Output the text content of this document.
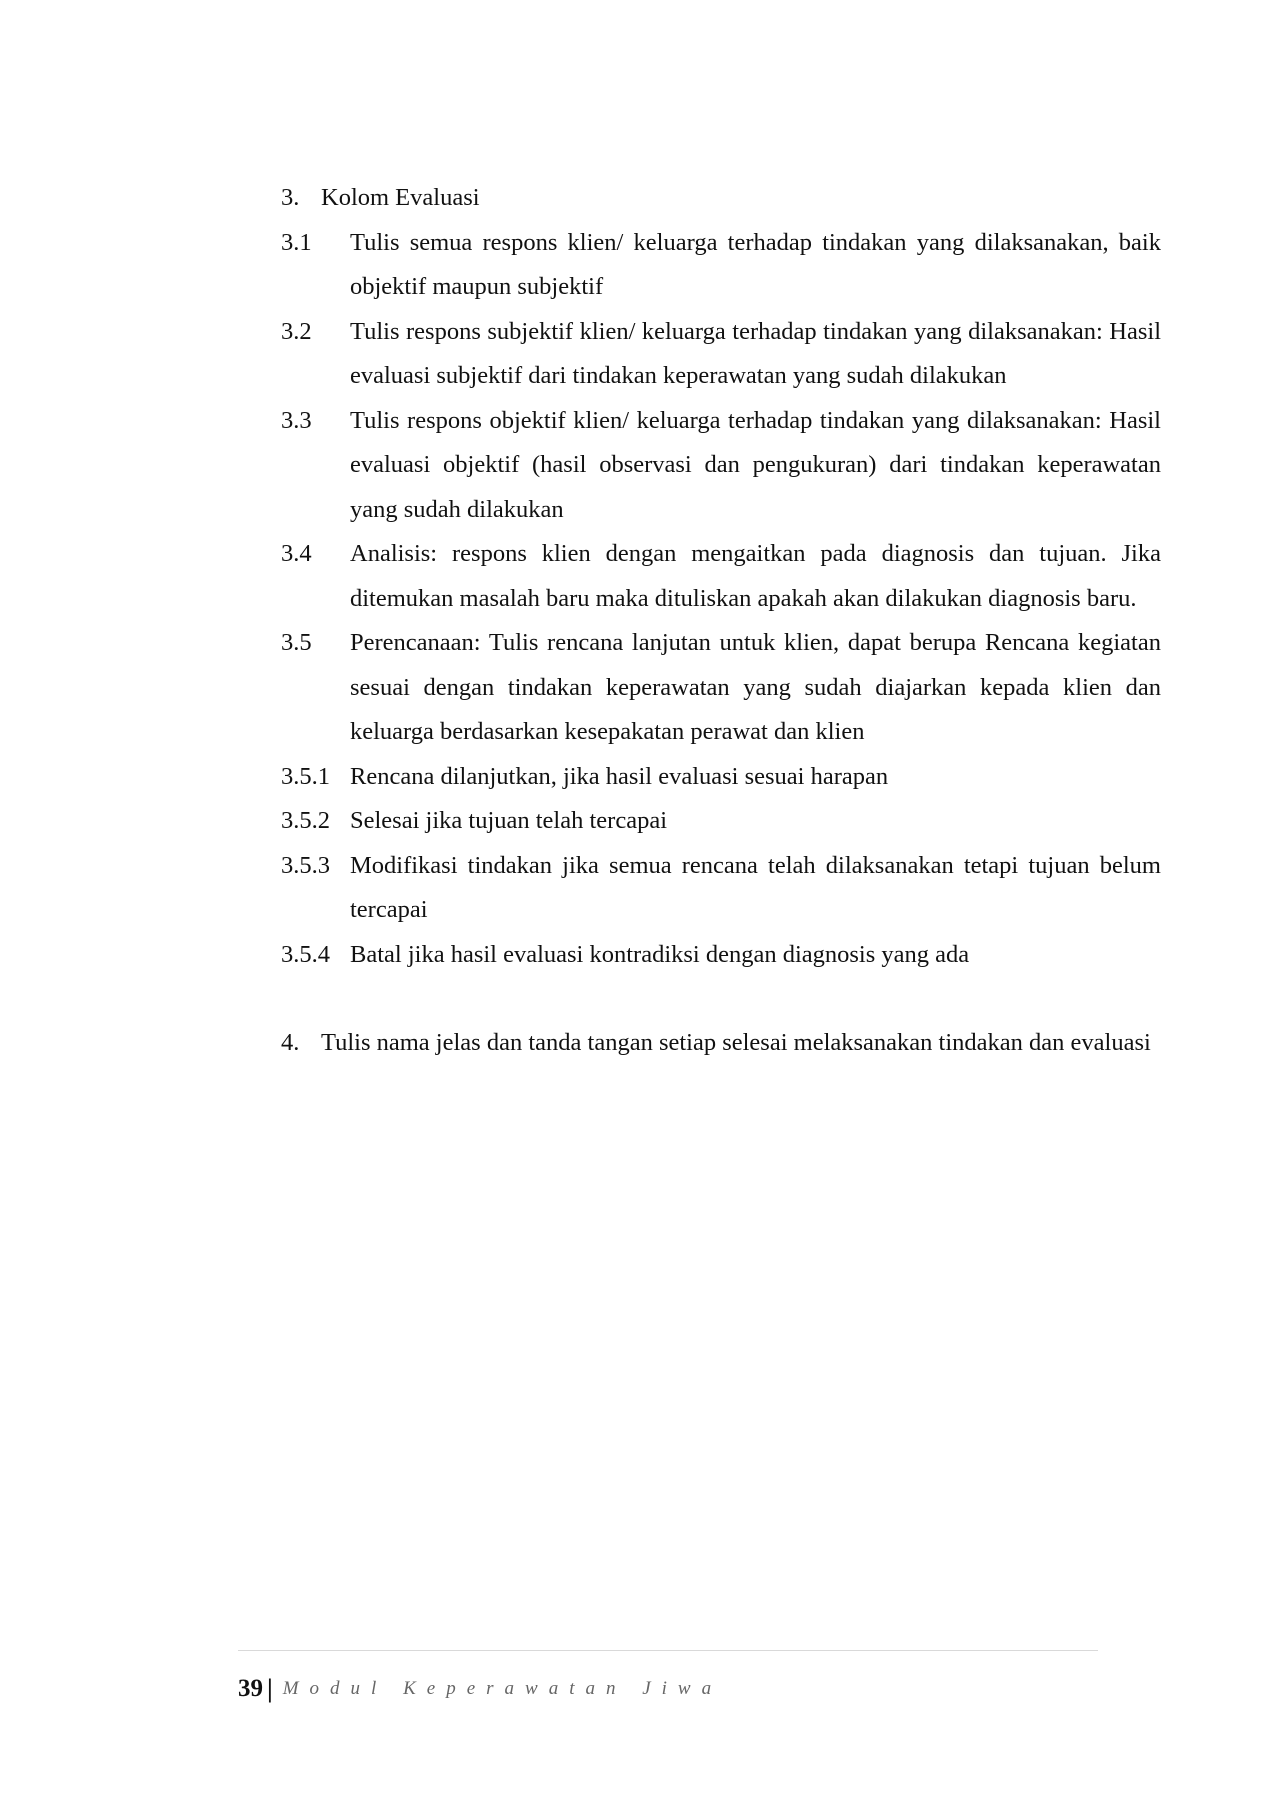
3. Kolom Evaluasi
3.1	Tulis semua respons klien/ keluarga terhadap tindakan yang dilaksanakan, baik objektif maupun subjektif
3.2	Tulis respons subjektif klien/ keluarga terhadap tindakan yang dilaksanakan: Hasil evaluasi subjektif dari tindakan keperawatan yang sudah dilakukan
3.3	Tulis respons objektif klien/ keluarga terhadap tindakan yang dilaksanakan: Hasil evaluasi objektif (hasil observasi dan pengukuran) dari tindakan keperawatan yang sudah dilakukan
3.4	Analisis: respons klien dengan mengaitkan pada diagnosis dan tujuan. Jika ditemukan masalah baru maka dituliskan apakah akan dilakukan diagnosis baru.
3.5	Perencanaan: Tulis rencana lanjutan untuk klien, dapat berupa Rencana kegiatan sesuai dengan tindakan keperawatan yang sudah diajarkan kepada klien dan keluarga berdasarkan kesepakatan perawat dan klien
3.5.1 Rencana dilanjutkan, jika hasil evaluasi sesuai harapan
3.5.2 Selesai jika tujuan telah tercapai
3.5.3 Modifikasi tindakan jika semua rencana telah dilaksanakan tetapi tujuan belum tercapai
3.5.4 Batal jika hasil evaluasi kontradiksi dengan diagnosis yang ada
4. Tulis nama jelas dan tanda tangan setiap selesai melaksanakan tindakan dan evaluasi
39 | Modul Keperawatan Jiwa
